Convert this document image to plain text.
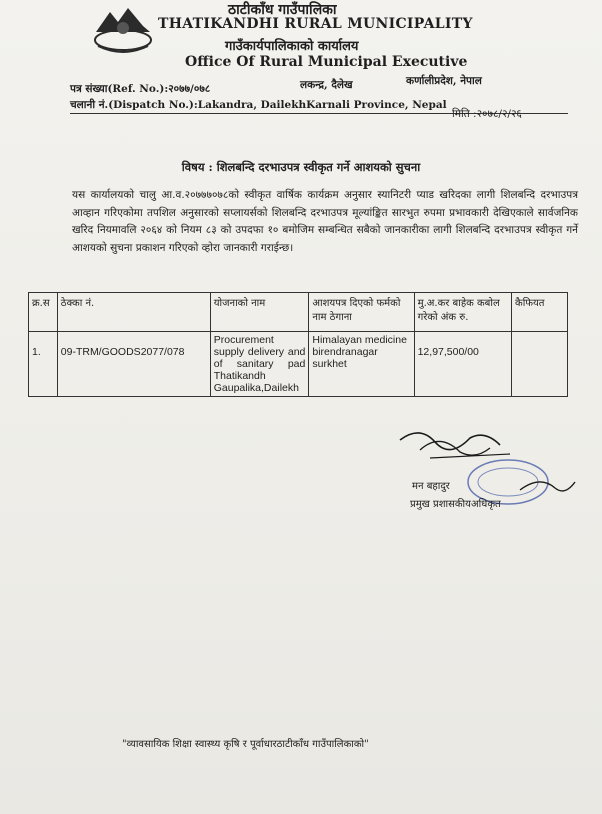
ठाटीकाँध गाउँपालिका
THATIKANDHI RURAL MUNICIPALITY
गाउँकार्यपालिकाको कार्यालय
Office Of Rural Municipal Executive
पत्र संख्या(Ref. No.):२०७७/०७८	लकन्द्र, दैलेख	कर्णालीप्रदेश, नेपाल
चलानी नं.(Dispatch No.):Lakandra, DailekhKarnali Province, Nepal
मिति :२०७८/२/२६
विषय : शिलबन्दि दरभाउपत्र स्वीकृत गर्ने आशयको सुचना
यस कार्यालयको चालु आ.व.२०७७७०७८को स्वीकृत वार्षिक कार्यक्रम अनुसार स्यानिटरी प्याड खरिदका लागी शिलबन्दि दरभाउपत्र आव्हान गरिएकोमा तपशिल अनुसारको सप्लायर्सको शिलबन्दि दरभाउपत्र मूल्यांङ्कित सारभुत रुपमा प्रभावकारी देखिएकाले सार्वजनिक खरिद नियमावलि २०६४ को नियम ८३ को उपदफा १० बमोजिम सम्बन्धित सबैको जानकारीका लागी शिलबन्दि दरभाउपत्र स्वीकृत गर्ने आशयको सुचना प्रकाशन गरिएको व्होरा जानकारी गराईन्छ।
क्र.स	ठेक्का नं.	योजनाको नाम	आशयपत्र दिएको फर्मको नाम ठेगाना	मु.अ.कर बाहेक कबोल गरेको अंक रु.	कैफियत
1.	09-TRM/GOODS2077/078	Procurement supply delivery and of sanitary pad Thatikandh Gaupalika,Dailekh	Himalayan medicine birendranagar surkhet	12,97,500/00	
मन बहादुर
प्रमुख प्रशासकीयअधिकृत
"व्यावसायिक शिक्षा स्वास्थ्य कृषि र पूर्वाधारठाटीकाँध गाउँपालिकाको"
